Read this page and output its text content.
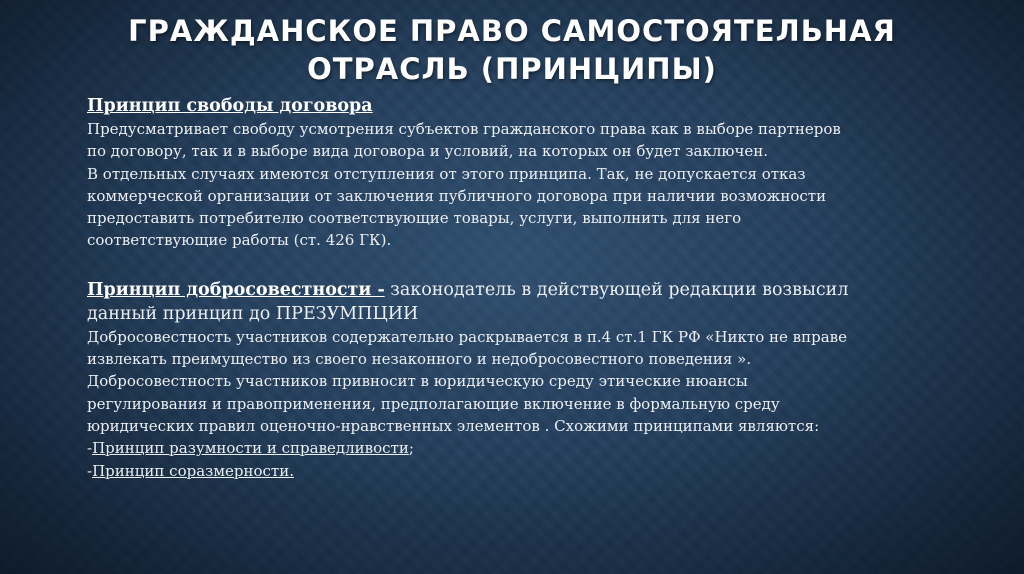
ГРАЖДАНСКОЕ ПРАВО САМОСТОЯТЕЛЬНАЯ
ОТРАСЛЬ (ПРИНЦИПЫ)
Принцип свободы договора
Предусматривает свободу усмотрения субъектов гражданского права как в выборе партнеров
по договору, так и в выборе вида договора и условий, на которых он будет заключен.
В отдельных случаях имеются отступления от этого принципа. Так, не допускается отказ
коммерческой организации от заключения публичного договора при наличии возможности
предоставить потребителю соответствующие товары, услуги, выполнить для него
соответствующие работы (ст. 426 ГК).
Принцип добросовестности - законодатель в действующей редакции возвысил
данный принцип до ПРЕЗУМПЦИИ
Добросовестность участников содержательно раскрывается в п.4 ст.1 ГК РФ «Никто не вправе
извлекать преимущество из своего незаконного и недобросовестного поведения ».
Добросовестность участников привносит в юридическую среду этические нюансы
регулирования и правоприменения, предполагающие включение в формальную среду
юридических правил оценочно-нравственных элементов . Схожими принципами являются:
-Принцип разумности и справедливости;
-Принцип соразмерности.
